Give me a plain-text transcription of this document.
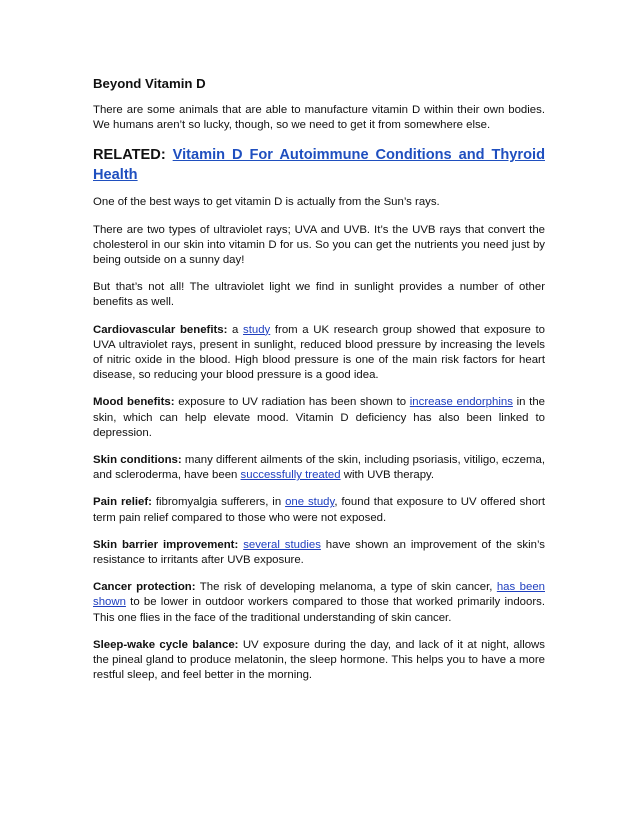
Beyond Vitamin D

There are some animals that are able to manufacture vitamin D within their own bodies. We humans aren’t so lucky, though, so we need to get it from somewhere else.

RELATED: Vitamin D For Autoimmune Conditions and Thyroid Health

One of the best ways to get vitamin D is actually from the Sun’s rays.

There are two types of ultraviolet rays; UVA and UVB. It’s the UVB rays that convert the cholesterol in our skin into vitamin D for us. So you can get the nutrients you need just by being outside on a sunny day!

But that’s not all! The ultraviolet light we find in sunlight provides a number of other benefits as well.

Cardiovascular benefits: a study from a UK research group showed that exposure to UVA ultraviolet rays, present in sunlight, reduced blood pressure by increasing the levels of nitric oxide in the blood. High blood pressure is one of the main risk factors for heart disease, so reducing your blood pressure is a good idea.

Mood benefits: exposure to UV radiation has been shown to increase endorphins in the skin, which can help elevate mood. Vitamin D deficiency has also been linked to depression.

Skin conditions: many different ailments of the skin, including psoriasis, vitiligo, eczema, and scleroderma, have been successfully treated with UVB therapy.

Pain relief: fibromyalgia sufferers, in one study, found that exposure to UV offered short term pain relief compared to those who were not exposed.

Skin barrier improvement: several studies have shown an improvement of the skin’s resistance to irritants after UVB exposure.

Cancer protection: The risk of developing melanoma, a type of skin cancer, has been shown to be lower in outdoor workers compared to those that worked primarily indoors. This one flies in the face of the traditional understanding of skin cancer.

Sleep-wake cycle balance: UV exposure during the day, and lack of it at night, allows the pineal gland to produce melatonin, the sleep hormone. This helps you to have a more restful sleep, and feel better in the morning.
